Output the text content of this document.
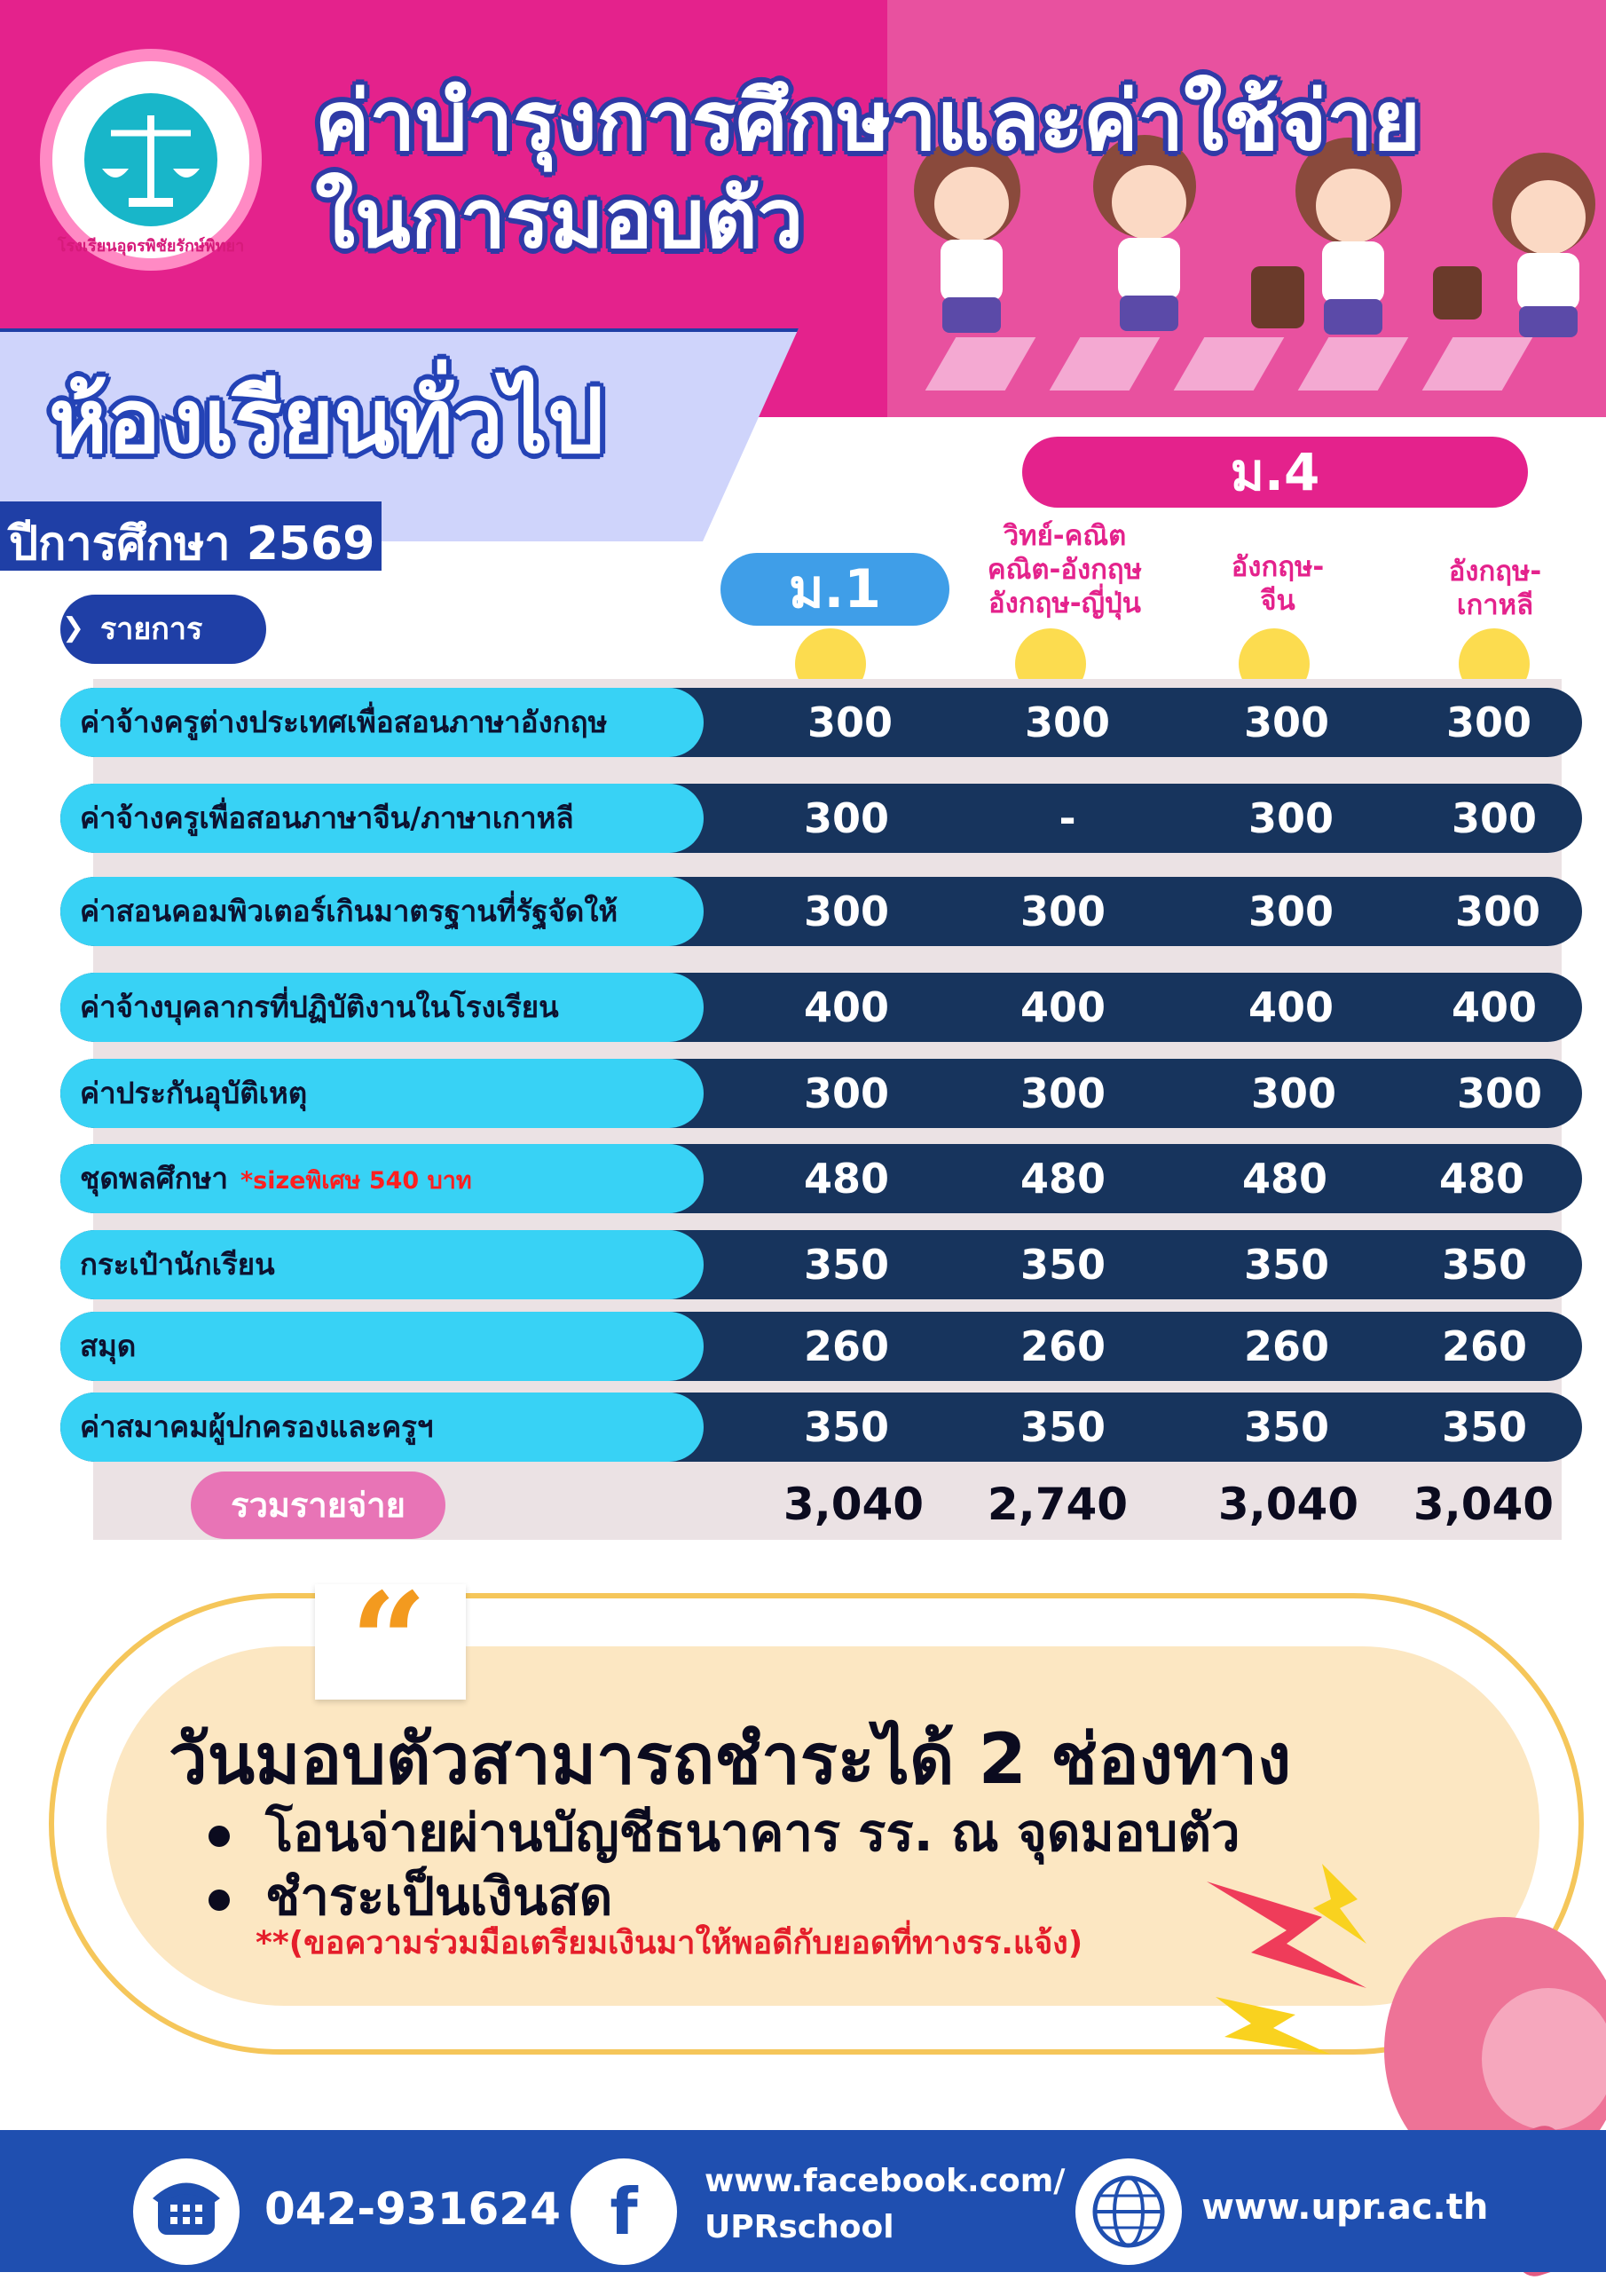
โรงเรียนอุดรพิชัยรักษ์พิทยา
ค่าบำรุงการศึกษาและค่าใช้จ่าย
ในการมอบตัว
ห้องเรียนทั่วไป
ปีการศึกษา 2569
ม.4
ม.1
วิทย์-คณิต
คณิต-อังกฤษ
อังกฤษ-ญี่ปุ่น
อังกฤษ-
จีน
อังกฤษ-
เกาหลี
รายการ
❯
ค่าจ้างครูต่างประเทศเพื่อสอนภาษาอังกฤษ	300	300	300	300
ค่าจ้างครูเพื่อสอนภาษาจีน/ภาษาเกาหลี	300	-	300	300
ค่าสอนคอมพิวเตอร์เกินมาตรฐานที่รัฐจัดให้	300	300	300	300
ค่าจ้างบุคลากรที่ปฏิบัติงานในโรงเรียน	400	400	400	400
ค่าประกันอุบัติเหตุ	300	300	300	300
ชุดพลศึกษา *sizeพิเศษ 540 บาท	480	480	480	480
กระเป๋านักเรียน	350	350	350	350
สมุด	260	260	260	260
ค่าสมาคมผู้ปกครองและครูฯ	350	350	350	350
รวมรายจ่าย	3,040	2,740	3,040	3,040
“
วันมอบตัวสามารถชำระได้ 2 ช่องทาง
โอนจ่ายผ่านบัญชีธนาคาร รร. ณ จุดมอบตัว
ชำระเป็นเงินสด
**(ขอความร่วมมือเตรียมเงินมาให้พอดีกับยอดที่ทางรร.แจ้ง)
042-931624 f	www.facebook.com/
UPRschool	www.upr.ac.th
